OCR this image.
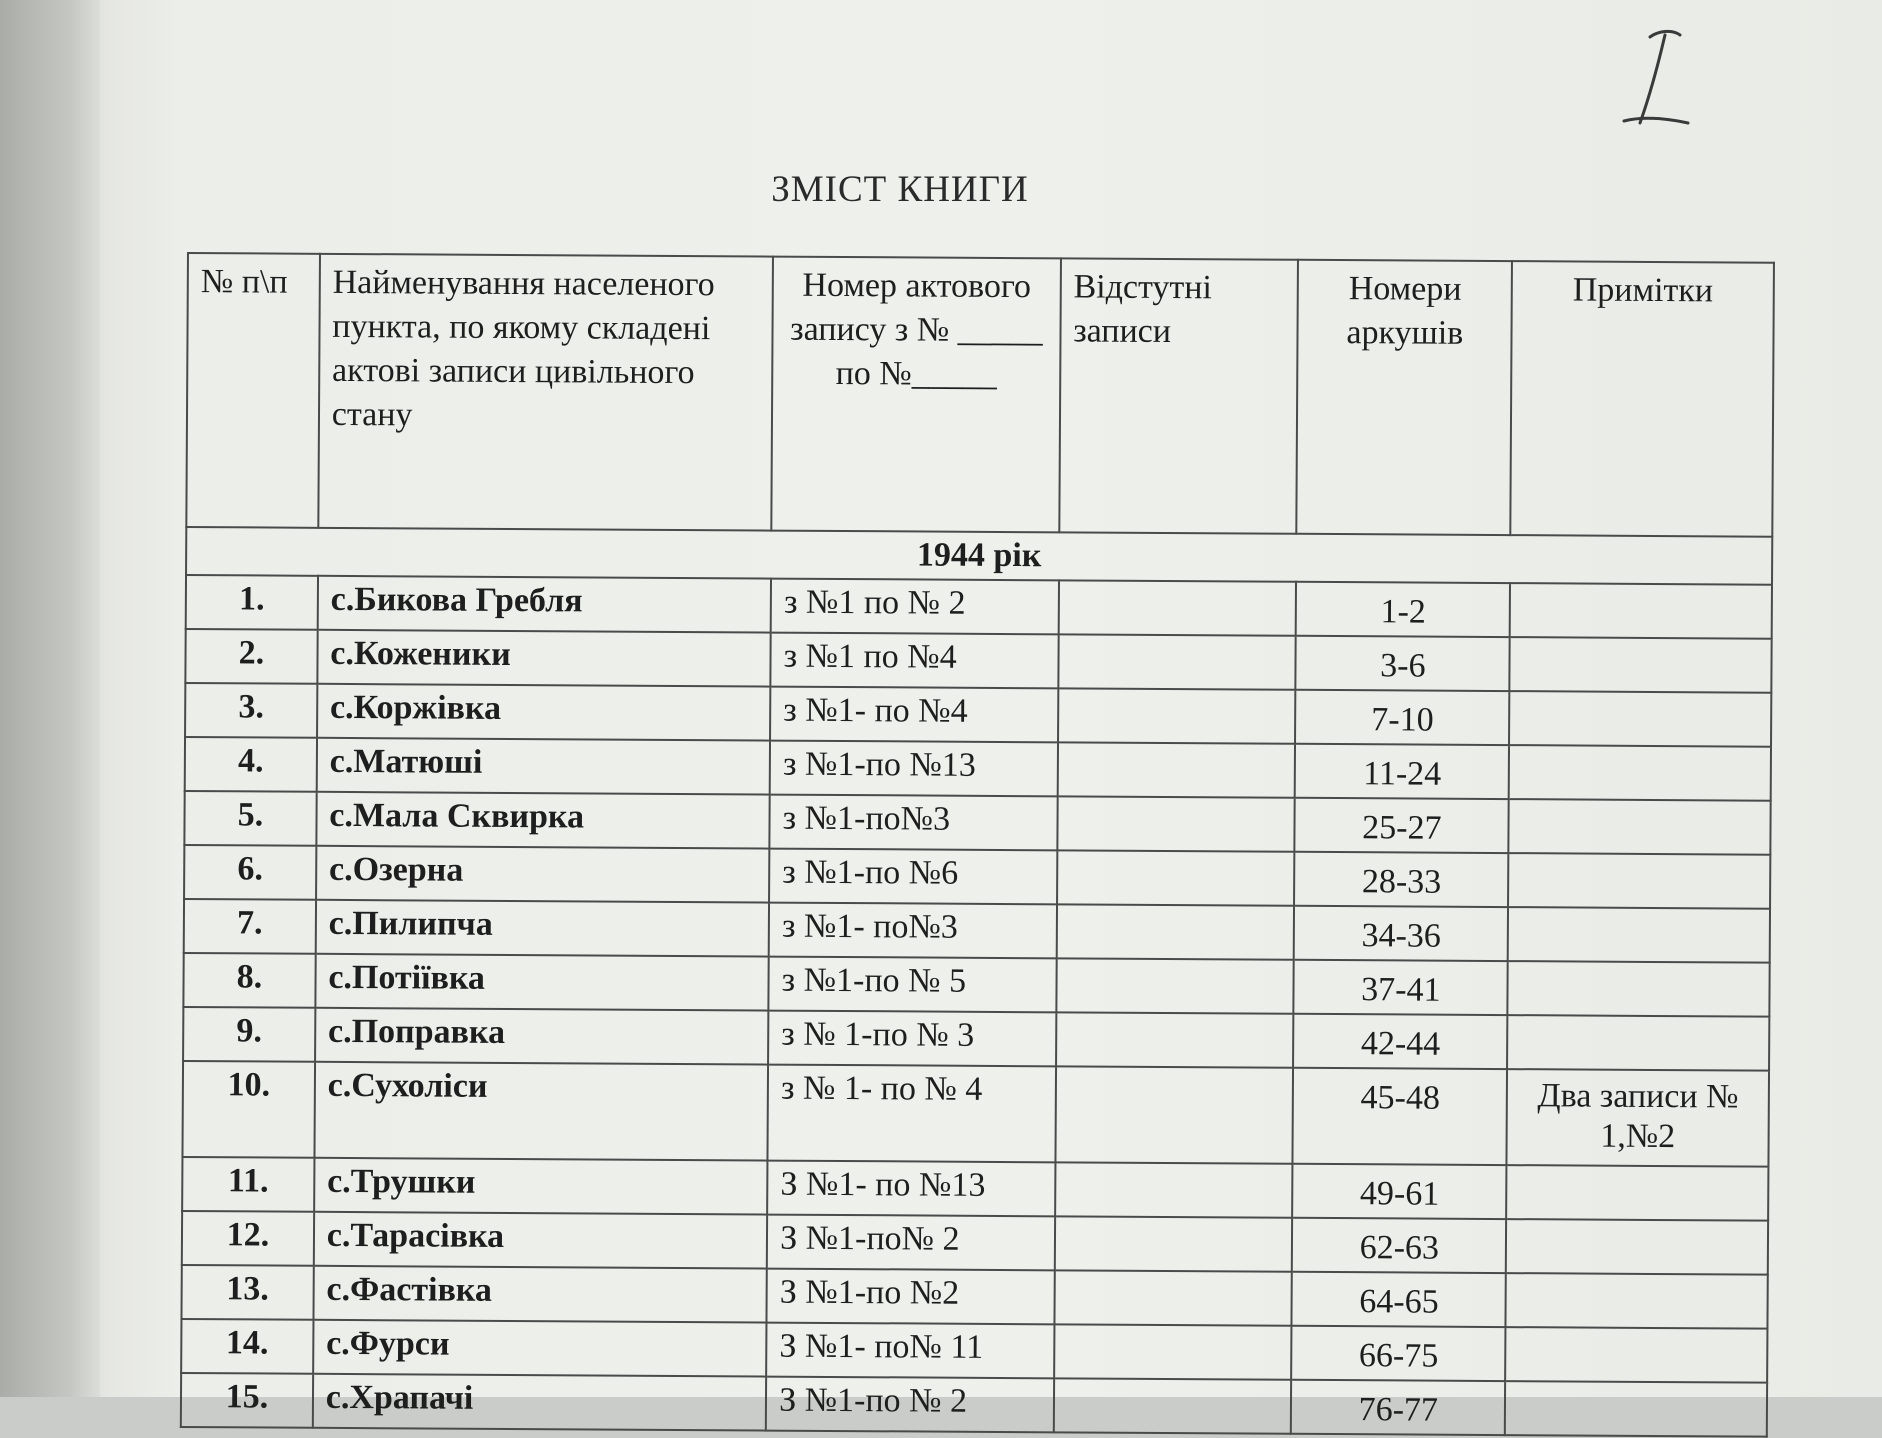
ЗМІСТ КНИГИ
№ п\п	Найменування населеного пункта, по якому складені актові записи цивільного стану	Номер актового запису з № _____ по №_____	Відстутні записи	Номери аркушів	Примітки
1944 рік					
1.	с.Бикова Гребля	з №1 по № 2		1-2	
2.	с.Коженики	з №1 по №4		3-6	
3.	с.Коржівка	з №1- по №4		7-10	
4.	с.Матюші	з №1-по №13		11-24	
5.	с.Мала Сквирка	з №1-по№3		25-27	
6.	с.Озерна	з №1-по №6		28-33	
7.	с.Пилипча	з №1- по№3		34-36	
8.	с.Потіївка	з №1-по № 5		37-41	
9.	с.Поправка	з № 1-по № 3		42-44	
10.	с.Сухоліси	з № 1- по № 4		45-48	Два записи № 1,№2
11.	с.Трушки	З №1- по №13		49-61	
12.	с.Тарасівка	З №1-по№ 2		62-63	
13.	с.Фастівка	З №1-по №2		64-65	
14.	с.Фурси	З №1- по№ 11		66-75	
15.	с.Храпачі	З №1-по № 2		76-77	
